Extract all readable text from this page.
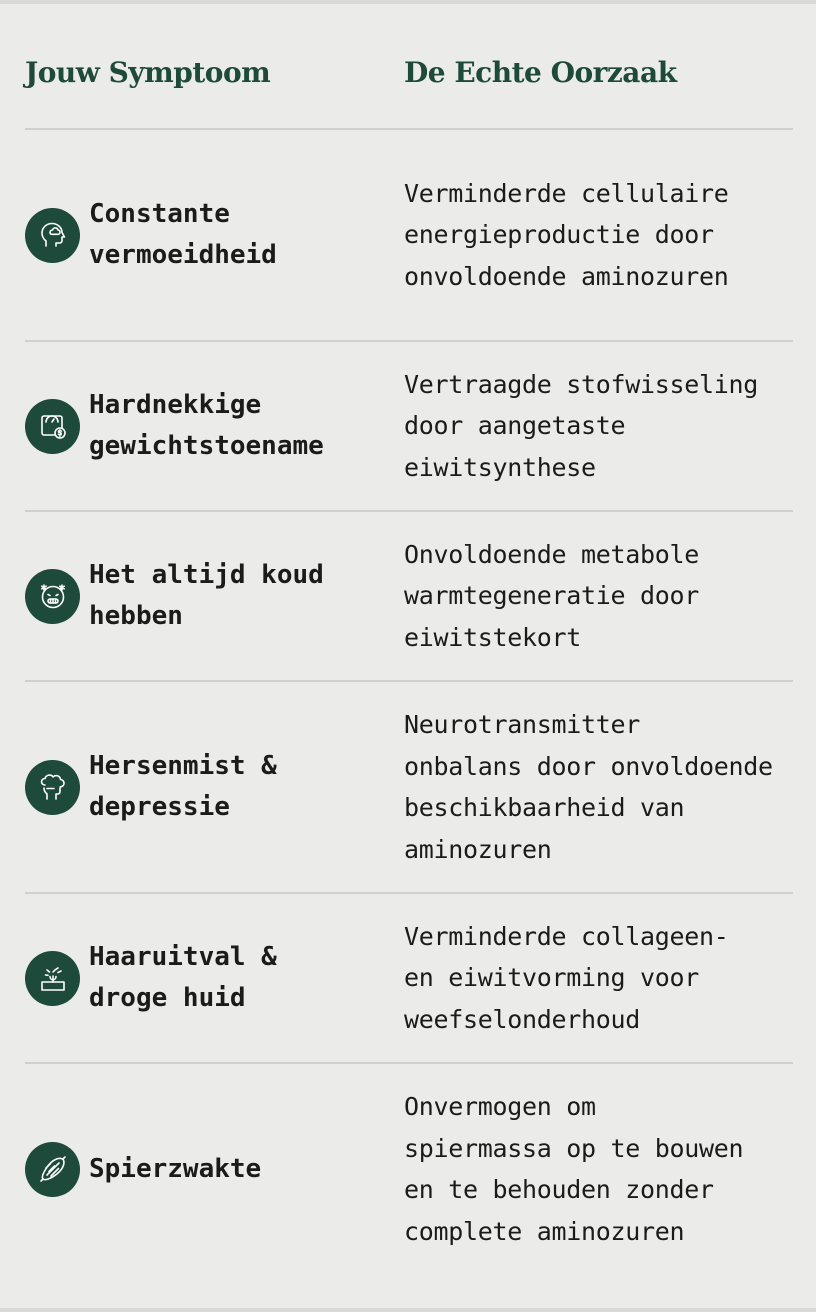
Jouw Symptoom	De Echte Oorzaak
Constante
vermoeidheid
Verminderde cellulaire
energieproductie door
onvoldoende aminozuren
Hardnekkige
gewichtstoename
Vertraagde stofwisseling
door aangetaste
eiwitsynthese
Het altijd koud
hebben
Onvoldoende metabole
warmtegeneratie door
eiwitstekort
Hersenmist &
depressie
Neurotransmitter
onbalans door onvoldoende
beschikbaarheid van
aminozuren
Haaruitval &
droge huid
Verminderde collageen-
en eiwitvorming voor
weefselonderhoud
Spierzwakte
Onvermogen om
spiermassa op te bouwen
en te behouden zonder
complete aminozuren
